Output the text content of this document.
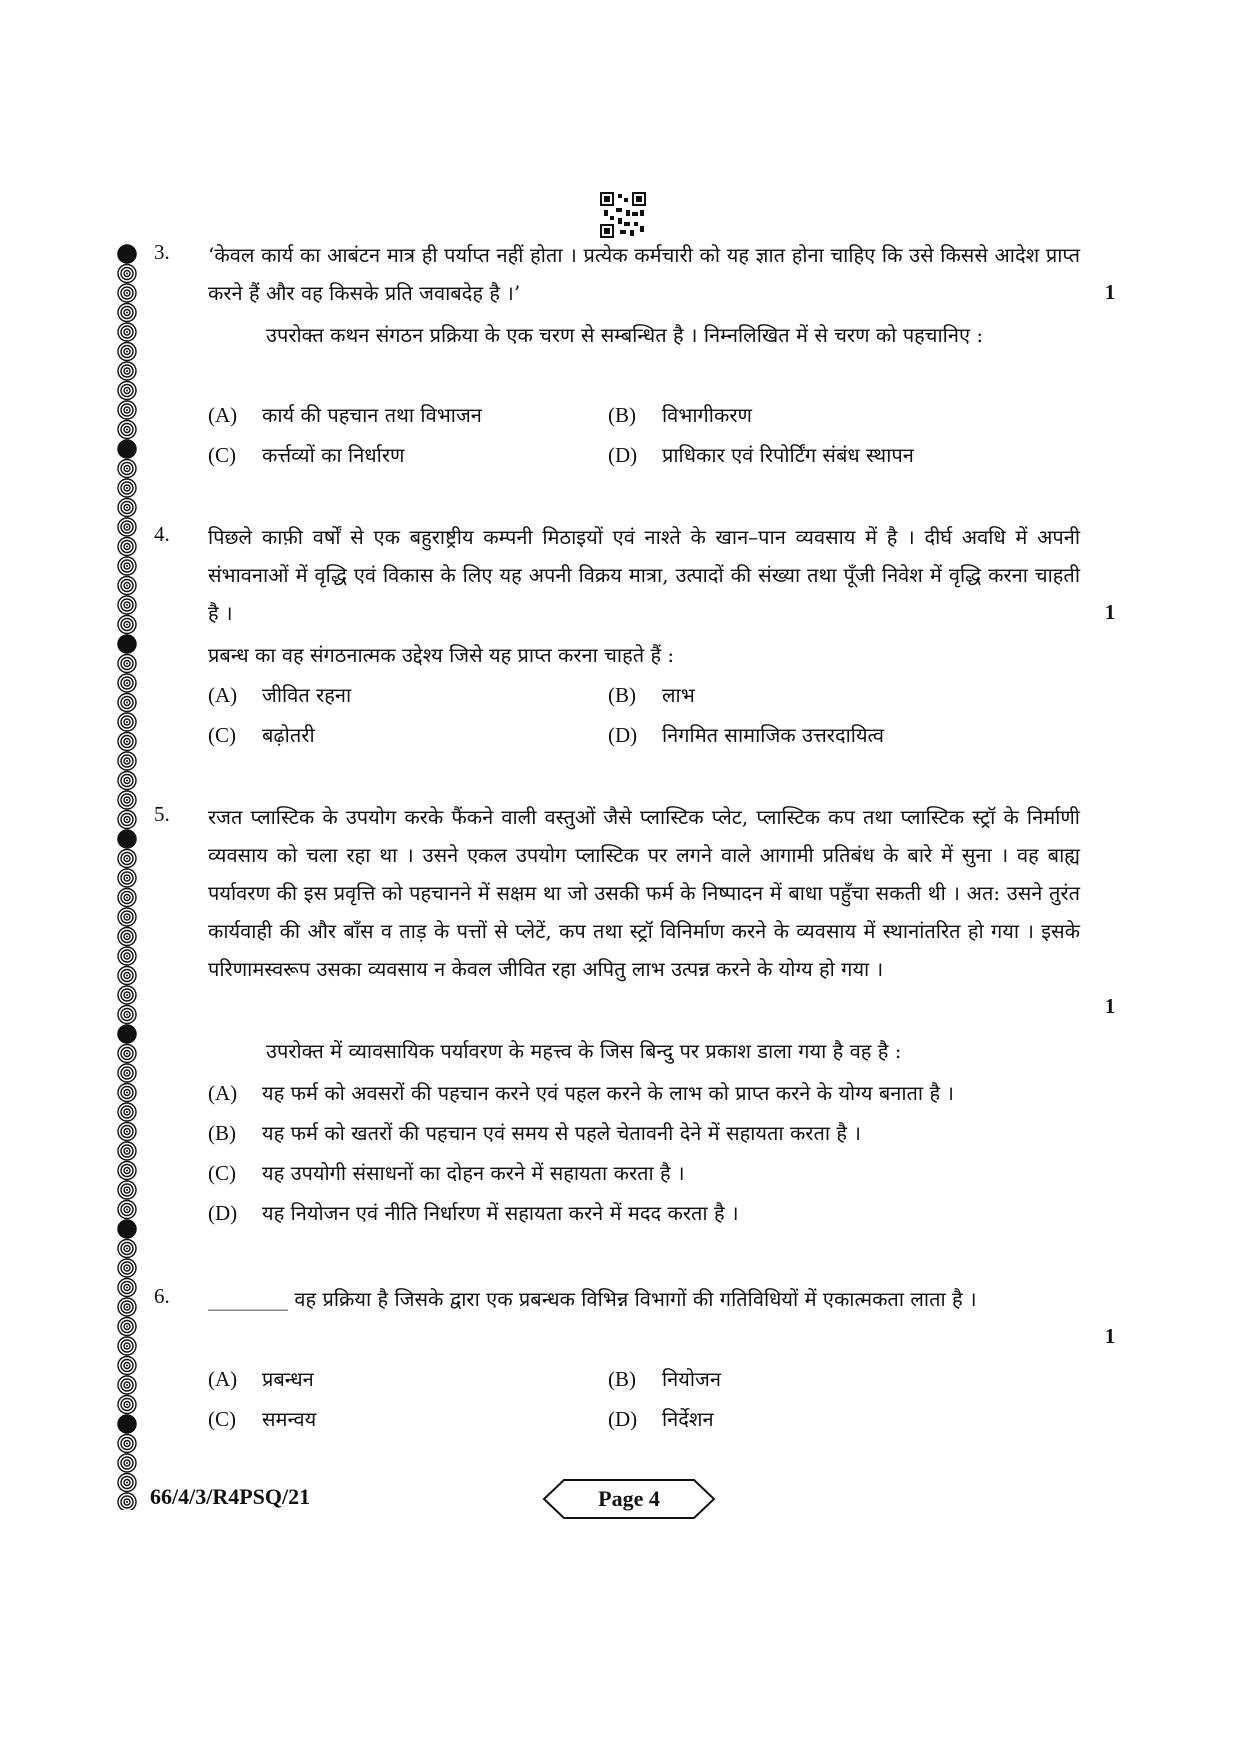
3. ‘केवल कार्य का आबंटन मात्र ही पर्याप्त नहीं होता । प्रत्येक कर्मचारी को यह ज्ञात होना चाहिए कि उसे किससे आदेश प्राप्त करने हैं और वह किसके प्रति जवाबदेह है ।’	1
उपरोक्त कथन संगठन प्रक्रिया के एक चरण से सम्बन्धित है । निम्नलिखित में से चरण को पहचानिए :
(A) कार्य की पहचान तथा विभाजन	(B) विभागीकरण
(C) कर्त्तव्यों का निर्धारण	(D) प्राधिकार एवं रिपोर्टिंग संबंध स्थापन
4. पिछले काफ़ी वर्षों से एक बहुराष्ट्रीय कम्पनी मिठाइयों एवं नाश्ते के खान–पान व्यवसाय में है । दीर्घ अवधि में अपनी संभावनाओं में वृद्धि एवं विकास के लिए यह अपनी विक्रय मात्रा, उत्पादों की संख्या तथा पूँजी निवेश में वृद्धि करना चाहती है ।	1
प्रबन्ध का वह संगठनात्मक उद्देश्य जिसे यह प्राप्त करना चाहते हैं :
(A) जीवित रहना	(B) लाभ
(C) बढ़ोतरी	(D) निगमित सामाजिक उत्तरदायित्व
5. रजत प्लास्टिक के उपयोग करके फैंकने वाली वस्तुओं जैसे प्लास्टिक प्लेट, प्लास्टिक कप तथा प्लास्टिक स्ट्रॉ के निर्माणी व्यवसाय को चला रहा था । उसने एकल उपयोग प्लास्टिक पर लगने वाले आगामी प्रतिबंध के बारे में सुना । वह बाह्य पर्यावरण की इस प्रवृत्ति को पहचानने में सक्षम था जो उसकी फर्म के निष्पादन में बाधा पहुँचा सकती थी । अत: उसने तुरंत कार्यवाही की और बाँस व ताड़ के पत्तों से प्लेटें, कप तथा स्ट्रॉ विनिर्माण करने के व्यवसाय में स्थानांतरित हो गया । इसके परिणामस्वरूप उसका व्यवसाय न केवल जीवित रहा अपितु लाभ उत्पन्न करने के योग्य हो गया ।
1
उपरोक्त में व्यावसायिक पर्यावरण के महत्त्व के जिस बिन्दु पर प्रकाश डाला गया है वह है :
(A) यह फर्म को अवसरों की पहचान करने एवं पहल करने के लाभ को प्राप्त करने के योग्य बनाता है ।
(B) यह फर्म को खतरों की पहचान एवं समय से पहले चेतावनी देने में सहायता करता है ।
(C) यह उपयोगी संसाधनों का दोहन करने में सहायता करता है ।
(D) यह नियोजन एवं नीति निर्धारण में सहायता करने में मदद करता है ।
6. ________ वह प्रक्रिया है जिसके द्वारा एक प्रबन्धक विभिन्न विभागों की गतिविधियों में एकात्मकता लाता है ।
1
(A) प्रबन्धन	(B) नियोजन
(C) समन्वय	(D) निर्देशन
66/4/3/R4PSQ/21	Page 4
